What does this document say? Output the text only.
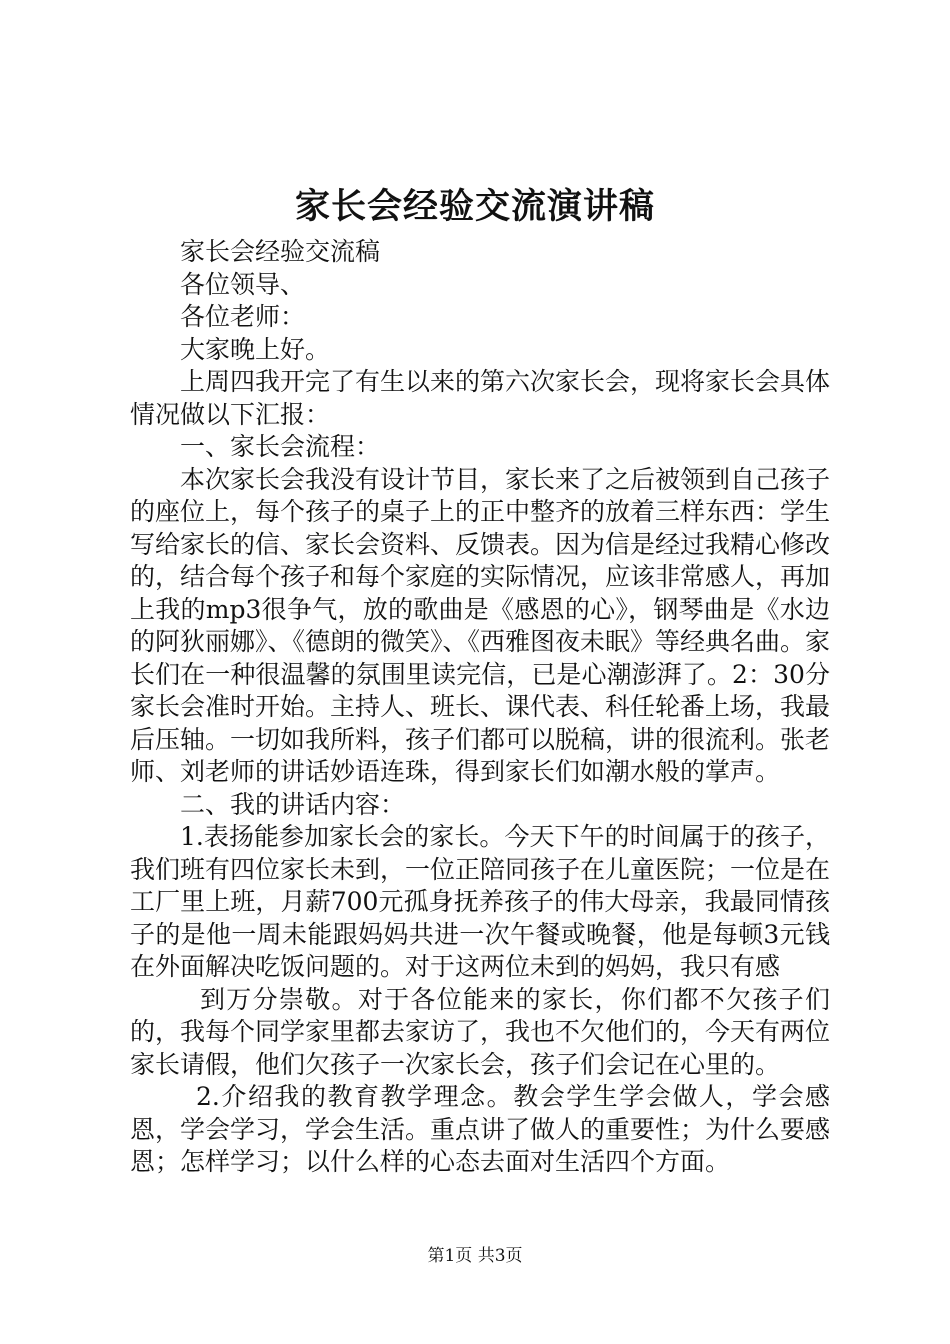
家长会经验交流演讲稿

家长会经验交流稿

各位领导、

各位老师：

大家晚上好。

上周四我开完了有生以来的第六次家长会，现将家长会具体情况做以下汇报：

一、家长会流程：

本次家长会我没有设计节目，家长来了之后被领到自己孩子的座位上，每个孩子的桌子上的正中整齐的放着三样东西：学生写给家长的信、家长会资料、反馈表。因为信是经过我精心修改的，结合每个孩子和每个家庭的实际情况，应该非常感人，再加上我的mp3很争气，放的歌曲是《感恩的心》，钢琴曲是《水边的阿狄丽娜》、《德朗的微笑》、《西雅图夜未眠》等经典名曲。家长们在一种很温馨的氛围里读完信，已是心潮澎湃了。2：30分家长会准时开始。主持人、班长、课代表、科任轮番上场，我最后压轴。一切如我所料，孩子们都可以脱稿，讲的很流利。张老师、刘老师的讲话妙语连珠，得到家长们如潮水般的掌声。

二、我的讲话内容：

1.表扬能参加家长会的家长。今天下午的时间属于的孩子，我们班有四位家长未到，一位正陪同孩子在儿童医院；一位是在工厂里上班，月薪700元孤身抚养孩子的伟大母亲，我最同情孩子的是他一周未能跟妈妈共进一次午餐或晚餐，他是每顿3元钱在外面解决吃饭问题的。对于这两位未到的妈妈，我只有感

到万分崇敬。对于各位能来的家长，你们都不欠孩子们的，我每个同学家里都去家访了，我也不欠他们的，今天有两位家长请假，他们欠孩子一次家长会，孩子们会记在心里的。

2.介绍我的教育教学理念。教会学生学会做人，学会感恩，学会学习，学会生活。重点讲了做人的重要性；为什么要感恩；怎样学习；以什么样的心态去面对生活四个方面。

第1页 共3页
